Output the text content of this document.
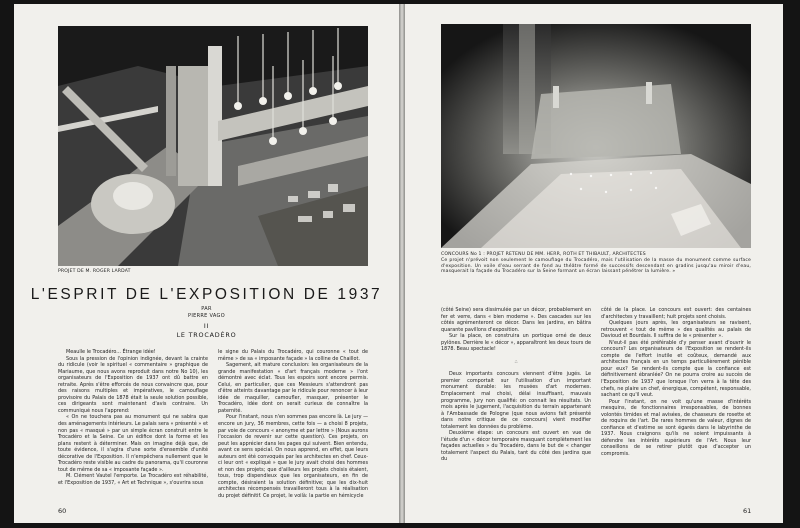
PROJET DE M. ROGER LARDAT
L'ESPRIT DE L'EXPOSITION DE 1937
PAR
PIERRE VAGO
II
LE TROCADÉRO

Meaulle le Trocadéro... Étrange idée!

Sous la pression de l'opinion indignée, devant la crainte du ridicule (voir le spirituel « commentaire » graphique de Mariaume, que nous avons reproduit dans notre No 10), les organisateurs de l'Exposition de 1937 ont dû battre en retraite. Après s'être efforcés de nous convaincre que, pour des raisons multiples et impératives, le camouflage provisoire du Palais de 1878 était la seule solution possible, ces dirigeants sont maintenant d'avis contraire. Un communiqué nous l'apprend:

« On ne touchera pas au monument qui ne sabira que des aménagements intérieurs. Le palais sera « présenté » et non pas « masqué » par un simple écran construit entre le Trocadéro et la Seine. Ce un édifice dont la forme et les plans restent à déterminer. Mais on imagine déjà que, de toute évidence, il s'agira d'une sorte d'ensemble d'unité décorative de l'Exposition. Il n'empêchera nullement que le Trocadéro reste visible au cadre du panorama, qu'il couronne tout de même de sa « imposante façade ».

M. Clément Vautel l'emporte. Le Trocadéro est réhabilité, et l'Exposition de 1937, « Art et Technique », s'ouvrira sous

le signe du Palais du Trocadéro, qui couronne « tout de même » de sa « imposante façade » la colline de Chaillot.

Sagement, ait mature conclusion: les organisateurs de la grande manifestation « d'art français moderne » l'ont démontré avec éclat. Tous les espoirs sont encore permis. Celui, en particulier, que ces Messieurs s'attendront pas d'être atteints davantage par le ridicule pour renoncer à leur idée de maquiller, camoufler, masquer, présenter le Trocadéro, idée dont on serait curieux de connaître la paternité.

Pour l'instant, nous n'en sommes pas encore là. Le jury — encore un jury, 36 membres, cette fois — a choisi 8 projets, par voie de concours « anonyme et par lettre » (Nous aurons l'occasion de revenir sur cette question). Ces projets, on peut les apprécier dans les pages qui suivent. Bien entendu, avant ce sens spécial. On nous apprend, en effet, que leurs auteurs ont été convoqués par les architectes en chef. Ceux-ci leur ont « expliqué » que le jury avait choisi des hommes et non des projets; que d'ailleurs les projets choisis étaient, tous, trop dispendieux que les organisateurs, en fin de compte, désiraient la solution définitive; que les dix-huit architectes récompensés travailleront tous à la réalisation du projet définitif. Ce projet, le voilà: la partie en hémicycle

60
CONCOURS No 1 : PROJET RETENU DE MM. HERR, ROTH ET THIBAULT, ARCHITECTES
Ce projet n'prévoit non seulement le camouflage du Trocadéro, mais l'utilisation de la masse du monument comme surface d'exposition. Un voile d'eau serrant de fond au théâtre formé de successifs descendant en gradins jusqu'au miroir d'eau, masquerait la façade du Trocadéro sur la Seine formant un écran laissant pénétrer la lumière. »

(côté Seine) sera dissimulée par un décor, probablement en fer et verre, dans « bien moderne ». Des cascades sur les côtés agrémenteront ce décor. Dans les jardins, en bâtira quarante pavillons d'exposition.

Sur la place, on construira un portique orné de deux pylônes. Derrière le « décor », apparaîtront les deux tours de 1878. Beau spectacle!

∴

Deux importants concours viennent d'être jugés. Le premier comportait sur l'utilisation d'un important monument durable: les musées d'art modernes. Emplacement mal choisi, délai insuffisant, mauvais programme, jury non qualifié: on connait les résultats. Un mois après le jugement, l'acquisition du terrain appartenant à l'Ambassade de Pologne (que nous avions fait présenté dans notre critique de ce concours) vient modifier totalement les données du problème.

Deuxième étape: un concours est ouvert en vue de l'étude d'un « décor temporaire masquant complètement les façades actuelles » du Trocadéro, dans le but de « changer totalement l'aspect du Palais, tant du côté des jardins que du

côté de la place. Le concours est ouvert: des centaines d'architectes y travaillent; huit projets sont choisis.

Quelques jours après, les organisateurs se ravisent, retrouvent « tout de même » des qualités au palais de Davioud et Bourdais. Il suffira de le « présenter ».

N'eut-il pas été préférable d'y penser avant d'ouvrir le concours? Les organisateurs de l'Exposition se rendent-ils compte de l'effort inutile et coûteux, demandé aux architectes français en un temps particulièrement pénible pour eux? Se rendent-ils compte que la confiance est définitivement ébranlée? On ne pourra croire au succès de l'Exposition de 1937 que lorsque l'on verra à la tête des chefs, ne plaire un chef, énergique, compétent, responsable, sachant ce qu'il veut.

Pour l'instant, on ne voit qu'une masse d'intérêts mesquins, de fonctionnaires irresponsables, de bonnes volontés timides et mal avisées, de chasseurs de rosette et de roquins de l'art. De rares hommes de valeur, dignes de confiance et d'estime se sont égarés dans le labyrinthe de 1937. Nous craignons qu'ils ne soient impuissants à défendre les intérêts supérieurs de l'Art. Nous leur conseillons de se retirer plutôt que d'accepter un compromis.

61
